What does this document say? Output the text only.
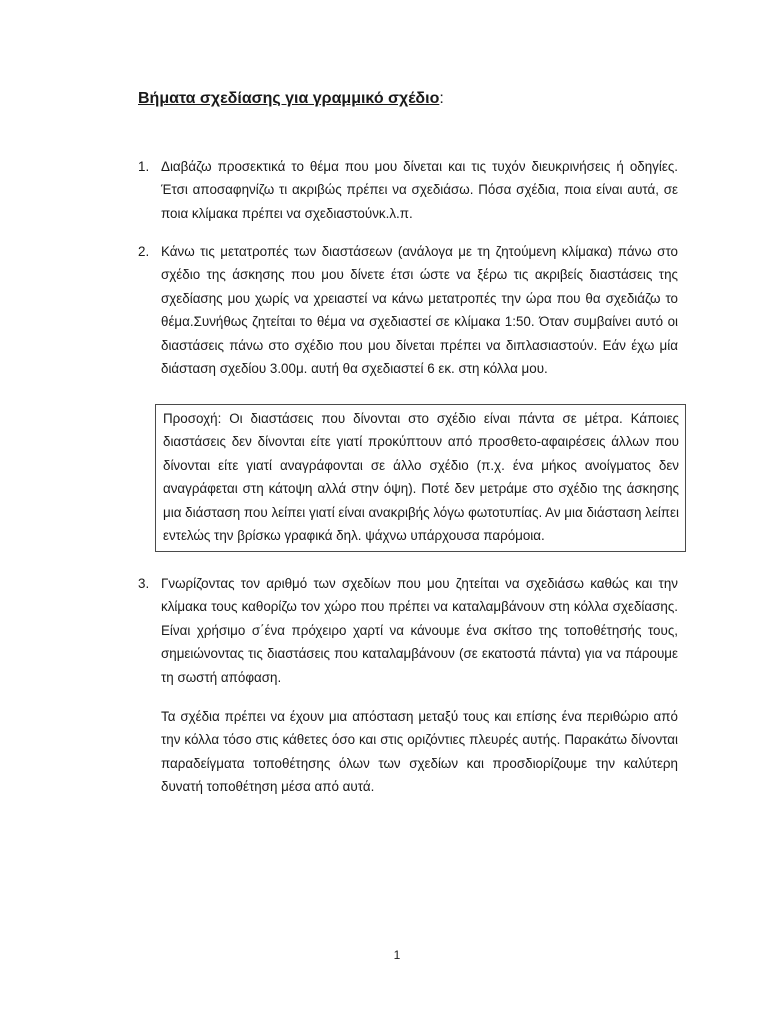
Βήματα σχεδίασης για γραμμικό σχέδιο:
1. Διαβάζω προσεκτικά το θέμα που μου δίνεται και τις τυχόν διευκρινήσεις ή οδηγίες. Έτσι αποσαφηνίζω τι ακριβώς πρέπει να σχεδιάσω. Πόσα σχέδια, ποια είναι αυτά, σε ποια κλίμακα πρέπει να σχεδιαστούνκ.λ.π.

2. Κάνω τις μετατροπές των διαστάσεων (ανάλογα με τη ζητούμενη κλίμακα) πάνω στο σχέδιο της άσκησης που μου δίνετε έτσι ώστε να ξέρω τις ακριβείς διαστάσεις της σχεδίασης μου χωρίς να χρειαστεί να κάνω μετατροπές την ώρα που θα σχεδιάζω το θέμα.Συνήθως ζητείται το θέμα να σχεδιαστεί σε κλίμακα 1:50. Όταν συμβαίνει αυτό οι διαστάσεις πάνω στο σχέδιο που μου δίνεται πρέπει να διπλασιαστούν. Εάν έχω μία διάσταση σχεδίου 3.00μ. αυτή θα σχεδιαστεί 6 εκ. στη κόλλα μου.

Προσοχή: Οι διαστάσεις που δίνονται στο σχέδιο είναι πάντα σε μέτρα. Κάποιες διαστάσεις δεν δίνονται είτε γιατί προκύπτουν από προσθετο-αφαιρέσεις άλλων που δίνονται είτε γιατί αναγράφονται σε άλλο σχέδιο (π.χ. ένα μήκος ανοίγματος δεν αναγράφεται στη κάτοψη αλλά στην όψη). Ποτέ δεν μετράμε στο σχέδιο της άσκησης μια διάσταση που λείπει γιατί είναι ανακριβής λόγω φωτοτυπίας. Αν μια διάσταση λείπει εντελώς την βρίσκω γραφικά δηλ. ψάχνω υπάρχουσα παρόμοια.
3. Γνωρίζοντας τον αριθμό των σχεδίων που μου ζητείται να σχεδιάσω καθώς και την κλίμακα τους καθορίζω τον χώρο που πρέπει να καταλαμβάνουν στη κόλλα σχεδίασης. Είναι χρήσιμο σ΄ένα πρόχειρο χαρτί να κάνουμε ένα σκίτσο της τοποθέτησής τους, σημειώνοντας τις διαστάσεις που καταλαμβάνουν (σε εκατοστά πάντα) για να πάρουμε τη σωστή απόφαση.

Τα σχέδια πρέπει να έχουν μια απόσταση μεταξύ τους και επίσης ένα περιθώριο από την κόλλα τόσο στις κάθετες όσο και στις οριζόντιες πλευρές αυτής. Παρακάτω δίνονται παραδείγματα τοποθέτησης όλων των σχεδίων και προσδιορίζουμε την καλύτερη δυνατή τοποθέτηση μέσα από αυτά.

1
